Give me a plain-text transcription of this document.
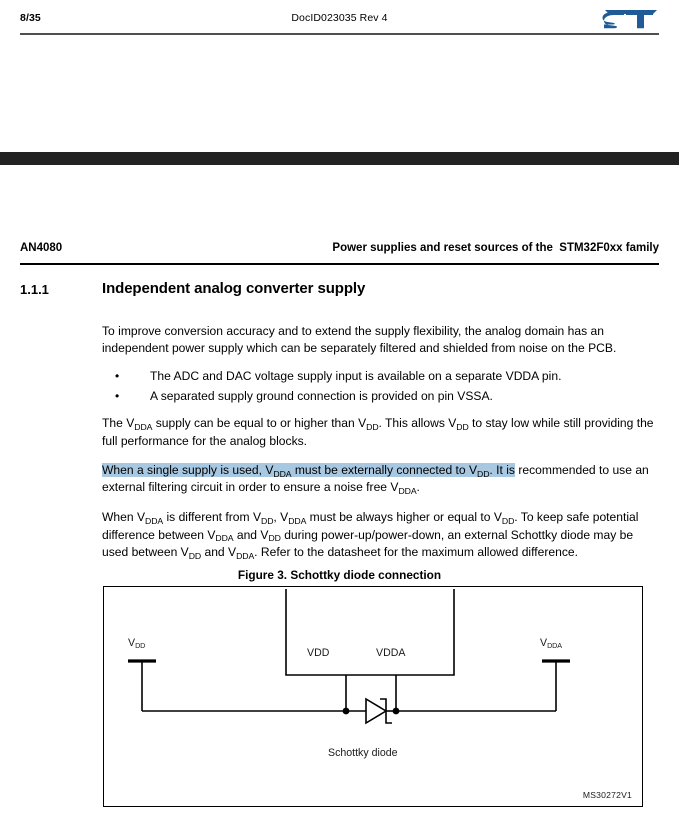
8/35	DocID023035 Rev 4
AN4080	Power supplies and reset sources of the  STM32F0xx family
1.1.1	Independent analog converter supply

To improve conversion accuracy and to extend the supply flexibility, the analog domain has an independent power supply which can be separately filtered and shielded from noise on the PCB.

•	The ADC and DAC voltage supply input is available on a separate VDDA pin.
•	A separated supply ground connection is provided on pin VSSA.

The $V_{DDA}$ supply can be equal to or higher than $V_{DD}$. This allows $V_{DD}$ to stay low while still providing the full performance for the analog blocks.

When a single supply is used, $V_{DDA}$ must be externally connected to $V_{DD}$. It is recommended to use an external filtering circuit in order to ensure a noise free $V_{DDA}$.

When $V_{DDA}$ is different from $V_{DD}$, $V_{DDA}$ must be always higher or equal to $V_{DD}$. To keep safe potential difference between $V_{DDA}$ and $V_{DD}$ during power-up/power-down, an external Schottky diode may be used between $V_{DD}$ and $V_{DDA}$. Refer to the datasheet for the maximum allowed difference.

Figure 3. Schottky diode connection
$V_{DD}$	$V_{DDA}$
VDD	VDDA
Schottky diode
MS30272V1
